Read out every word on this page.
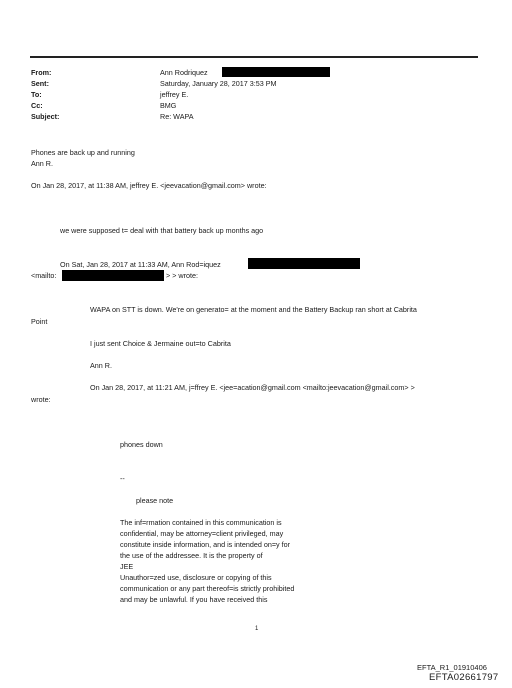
From:
Sent:
To:
Cc:
Subject:
Ann Rodriquez
Saturday, January 28, 2017 3:53 PM
jeffrey E.
BMG
Re: WAPA
Phones are back up and running
Ann R.
On Jan 28, 2017, at 11:38 AM, jeffrey E. <jeevacation@gmail.com> wrote:
we were supposed t= deal with that battery back up months ago
On Sat, Jan 28, 2017 at 11:33 AM, Ann Rod=iquez
<mailto:	> > wrote:
WAPA on STT is down. We're on generato= at the moment and the Battery Backup ran short at Cabrita
Point
I just sent Choice & Jermaine out=to Cabrita
Ann R.
On Jan 28, 2017, at 11:21 AM, j=ffrey E. <jee=acation@gmail.com <mailto:jeevacation@gmail.com> >
wrote:
phones down
--
please note
The inf=rmation contained in this communication is
confidential, may be attorney=client privileged, may
constitute inside information, and is intended on=y for
the use of the addressee. It is the property of
JEE
Unauthor=zed use, disclosure or copying of this
communication or any part thereof=is strictly prohibited
and may be unlawful. If you have received this
1
EFTA_R1_01910406
EFTA02661797
